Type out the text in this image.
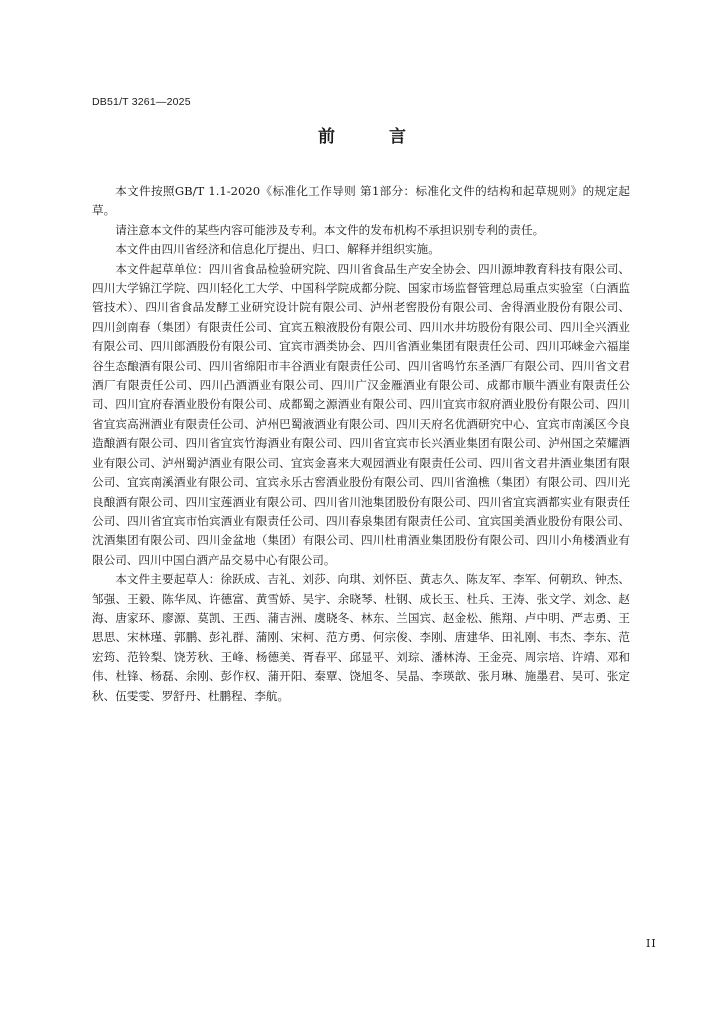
DB51/T 3261—2025
前 言

本文件按照GB/T 1.1-2020《标准化工作导则 第1部分：标准化文件的结构和起草规则》的规定起草。

请注意本文件的某些内容可能涉及专利。本文件的发布机构不承担识别专利的责任。

本文件由四川省经济和信息化厅提出、归口、解释并组织实施。

本文件起草单位：四川省食品检验研究院、四川省食品生产安全协会、四川源坤教育科技有限公司、四川大学锦江学院、四川轻化工大学、中国科学院成都分院、国家市场监督管理总局重点实验室（白酒监管技术）、四川省食品发酵工业研究设计院有限公司、泸州老窖股份有限公司、舍得酒业股份有限公司、四川剑南春（集团）有限责任公司、宜宾五粮液股份有限公司、四川水井坊股份有限公司、四川全兴酒业有限公司、四川郎酒股份有限公司、宜宾市酒类协会、四川省酒业集团有限责任公司、四川邛崃金六福崖谷生态酿酒有限公司、四川省绵阳市丰谷酒业有限责任公司、四川省鸣竹东圣酒厂有限公司、四川省文君酒厂有限责任公司、四川凸酒酒业有限公司、四川广汉金雁酒业有限公司、成都市顺牛酒业有限责任公司、四川宜府春酒业股份有限公司、成都蜀之源酒业有限公司、四川宜宾市叙府酒业股份有限公司、四川省宜宾高洲酒业有限责任公司、泸州巴蜀液酒业有限公司、四川天府名优酒研究中心、宜宾市南溪区今良造酿酒有限公司、四川省宜宾竹海酒业有限公司、四川省宜宾市长兴酒业集团有限公司、泸州国之荣耀酒业有限公司、泸州蜀泸酒业有限公司、宜宾金喜来大观园酒业有限责任公司、四川省文君井酒业集团有限公司、宜宾南溪酒业有限公司、宜宾永乐古窖酒业股份有限公司、四川省渔樵（集团）有限公司、四川光良酿酒有限公司、四川宝莲酒业有限公司、四川省川池集团股份有限公司、四川省宜宾酒都实业有限责任公司、四川省宜宾市怡宾酒业有限责任公司、四川春泉集团有限责任公司、宜宾国美酒业股份有限公司、沈酒集团有限公司、四川金盆地（集团）有限公司、四川杜甫酒业集团股份有限公司、四川小角楼酒业有限公司、四川中国白酒产品交易中心有限公司。

本文件主要起草人：徐跃成、吉礼、刘莎、向琪、刘怀臣、黄志久、陈友军、李军、何朝玖、钟杰、邹强、王毅、陈华凤、许德富、黄雪娇、吴宇、余晓琴、杜钢、成长玉、杜兵、王涛、张文学、刘念、赵海、唐家环、廖源、莫凯、王西、蒲吉洲、虞晓冬、林东、兰国宾、赵金松、熊翔、卢中明、严志勇、王思思、宋林瑾、郭鹏、彭礼群、蒲刚、宋柯、范方勇、何宗俊、李刚、唐建华、田礼刚、韦杰、李东、范宏筠、范铃梨、饶芳秋、王峰、杨德美、胥春平、邱显平、刘琮、潘林涛、王金亮、周宗培、许靖、邓和伟、杜锋、杨磊、余刚、彭作权、蒲开阳、秦覃、饶旭冬、吴晶、李瑛歆、张月琳、施墨君、吴可、张定秋、伍雯雯、罗舒丹、杜鹏程、李航。

II
